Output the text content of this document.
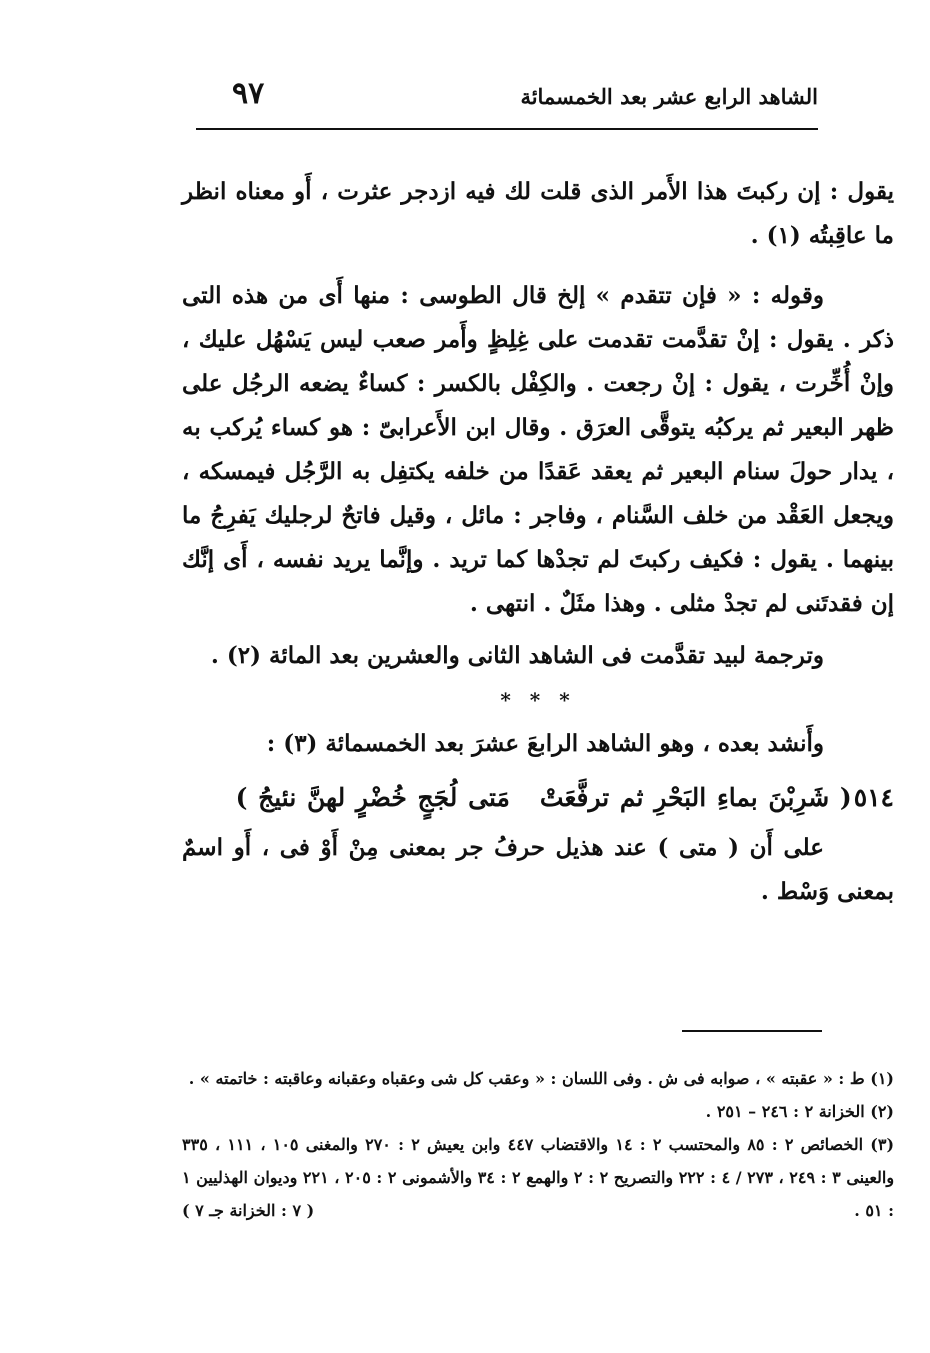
الشاهد الرابع عشر بعد الخمسمائة
٩٧

يقول : إن ركبتَ هذا الأَمر الذى قلت لك فيه ازدجر عثرت ، أَو معناه انظر ما عاقِبتُه (١) .

وقوله : « فإن تتقدم » إلخ قال الطوسى : منها أَى من هذه التى ذكر . يقول : إنْ تقدَّمت تقدمت على غِلِظٍ وأَمر صعب ليس يَسْهُل عليك ، وإنْ أُخِّرت ، يقول : إنْ رجعت . والكِفْل بالكسر : كساءٌ يضعه الرجُل على ظهر البعير ثم يركبُه يتوقَّى العرَق . وقال ابن الأَعرابىّ : هو كساء يُركب به ، يدار حولَ سنام البعير ثم يعقد عَقدًا من خلفه يكتفِل به الرَّجُل فيمسكه ، ويجعل العَقْد من خلف السَّنام ، وفاجر : مائل ، وقيل فاتحٌ لرجليك يَفرِجُ ما بينهما . يقول : فكيف ركبتَ لم تجدْها كما تريد . وإنَّما يريد نفسه ، أَى إنَّك إن فقدتَنى لم تجدْ مثلى . وهذا مثَلٌ . انتهى .

وترجمة لبيد تقدَّمت فى الشاهد الثانى والعشرين بعد المائة (٢) .

* * *

وأَنشد بعده ، وهو الشاهد الرابعَ عشرَ بعد الخمسمائة (٣) :

٥١٤( شَرِبْنَ بماءِ البَحْرِ ثم ترفَّعَتْمَتى لُجَجٍ خُضْرٍ لهنَّ نئيجُ )

على أَن ( متى ) عند هذيل حرفُ جر بمعنى مِنْ أَوْ فى ، أَو اسمٌ بمعنى وَسْط .

(١) ط : « عقبته » ، صوابه فى ش . وفى اللسان : « وعقب كل شى وعقباه وعقبانه وعاقبته : خاتمته » .

(٢) الخزانة ٢ : ٢٤٦ – ٢٥١ .

(٣) الخصائص ٢ : ٨٥ والمحتسب ٢ : ١٤ والاقتضاب ٤٤٧ وابن يعيش ٢ : ٢٧٠ والمغنى ١٠٥ ، ١١١ ، ٣٣٥ والعينى ٣ : ٢٤٩ ، ٢٧٣ / ٤ : ٢٢٢ والتصريح ٢ : ٢ والهمع ٢ : ٣٤ والأشمونى ٢ : ٢٠٥ ، ٢٢١ وديوان الهذليين ١ : ٥١ .
( ٧ : الخزانة جـ ٧ )
